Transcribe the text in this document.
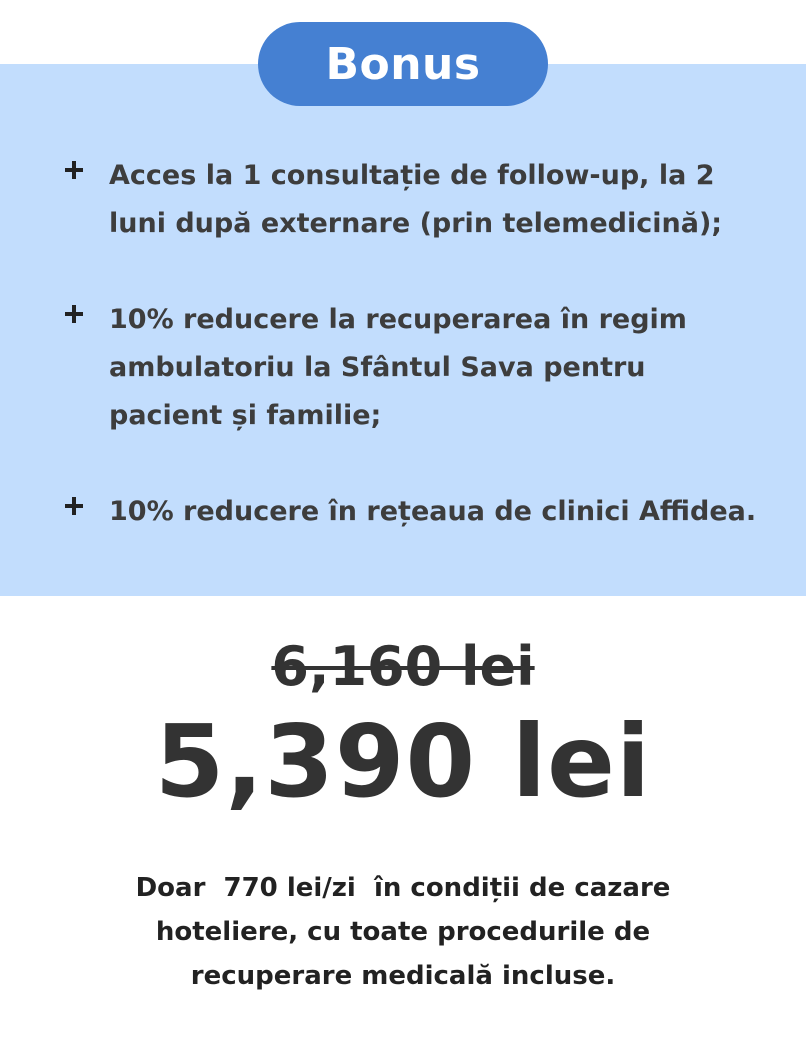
Bonus
Acces la 1 consultație de follow-up, la 2
luni după externare (prin telemedicină);
10% reducere la recuperarea în regim
ambulatoriu la Sfântul Sava pentru
pacient și familie;
10% reducere în rețeaua de clinici Affidea.
6,160 lei
5,390 lei
Doar 770 lei/zi în condiții de cazare
hoteliere, cu toate procedurile de
recuperare medicală incluse.
